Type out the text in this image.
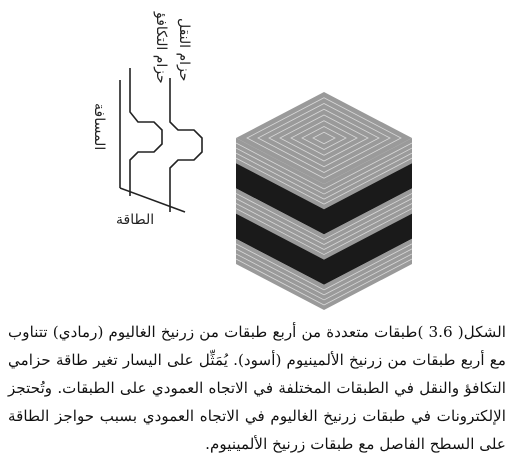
حزام التكافؤ حزام النقل
المسافة
الطاقة
الشكل( 3.6 )طبقات متعددة من أربع طبقات من زرنيخ الغاليوم (رمادي) تتناوب مع أربع طبقات من زرنيخ الألمينيوم (أسود). يُمَثِّل على اليسار تغير طاقة حزامي التكافؤ والنقل في الطبقات المختلفة في الاتجاه العمودي على الطبقات. وتُحتجز الإلكترونات في طبقات زرنيخ الغاليوم في الاتجاه العمودي بسبب حواجز الطاقة على السطح الفاصل مع طبقات زرنيخ الألمينيوم.
